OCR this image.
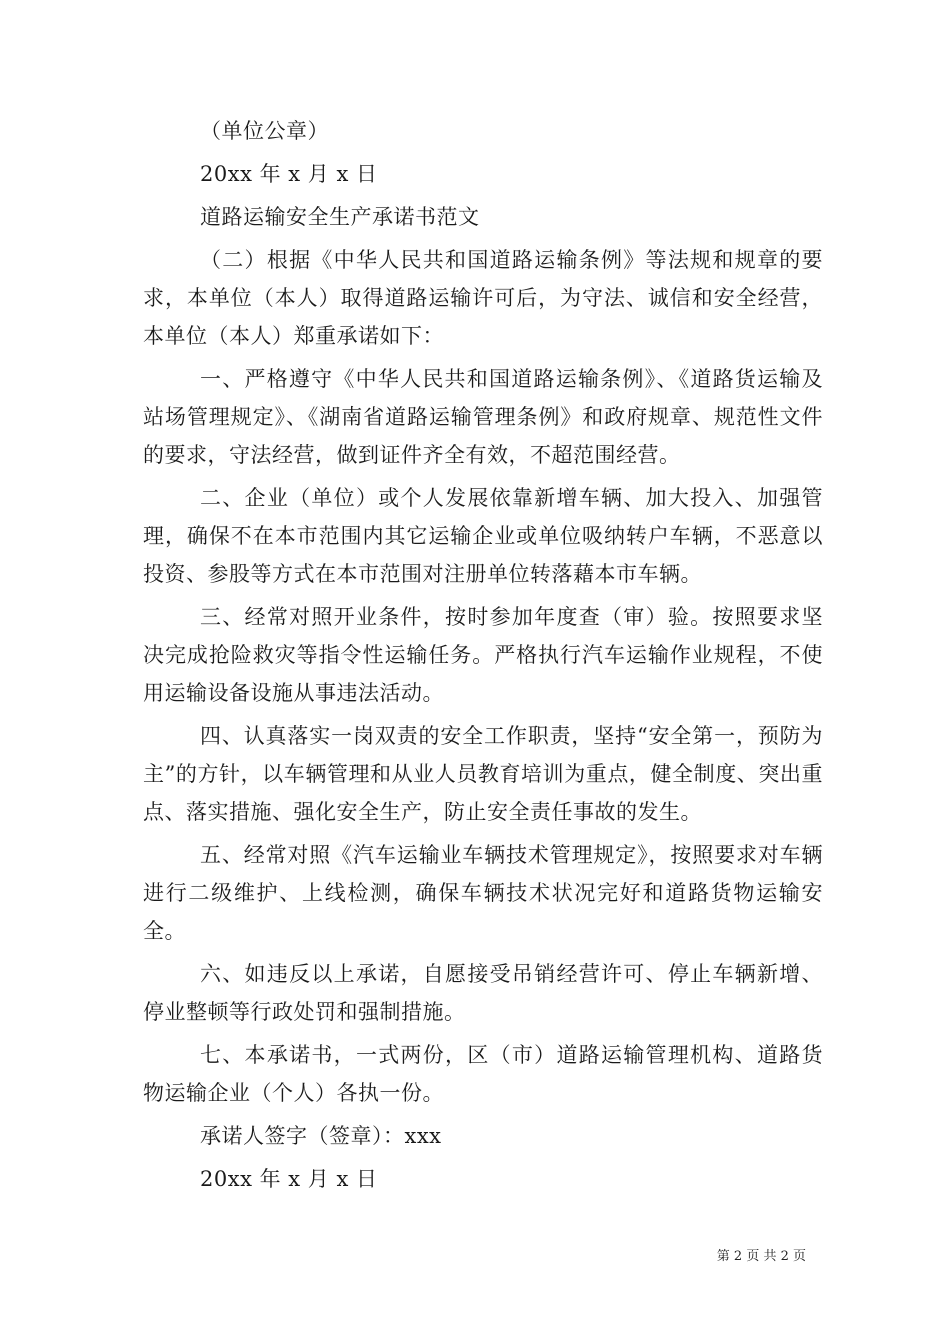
（单位公章）

20xx 年 x 月 x 日

道路运输安全生产承诺书范文

（二）根据《中华人民共和国道路运输条例》等法规和规章的要求，本单位（本人）取得道路运输许可后，为守法、诚信和安全经营，本单位（本人）郑重承诺如下：

一、严格遵守《中华人民共和国道路运输条例》、《道路货运输及站场管理规定》、《湖南省道路运输管理条例》和政府规章、规范性文件的要求，守法经营，做到证件齐全有效，不超范围经营。

二、企业（单位）或个人发展依靠新增车辆、加大投入、加强管理，确保不在本市范围内其它运输企业或单位吸纳转户车辆，不恶意以投资、参股等方式在本市范围对注册单位转落藉本市车辆。

三、经常对照开业条件，按时参加年度查（审）验。按照要求坚决完成抢险救灾等指令性运输任务。严格执行汽车运输作业规程，不使用运输设备设施从事违法活动。

四、认真落实一岗双责的安全工作职责，坚持“安全第一，预防为主”的方针，以车辆管理和从业人员教育培训为重点，健全制度、突出重点、落实措施、强化安全生产，防止安全责任事故的发生。

五、经常对照《汽车运输业车辆技术管理规定》，按照要求对车辆进行二级维护、上线检测，确保车辆技术状况完好和道路货物运输安全。

六、如违反以上承诺，自愿接受吊销经营许可、停止车辆新增、停业整顿等行政处罚和强制措施。

七、本承诺书，一式两份，区（市）道路运输管理机构、道路货物运输企业（个人）各执一份。

承诺人签字（签章）：xxx

20xx 年 x 月 x 日

第 2 页 共 2 页
